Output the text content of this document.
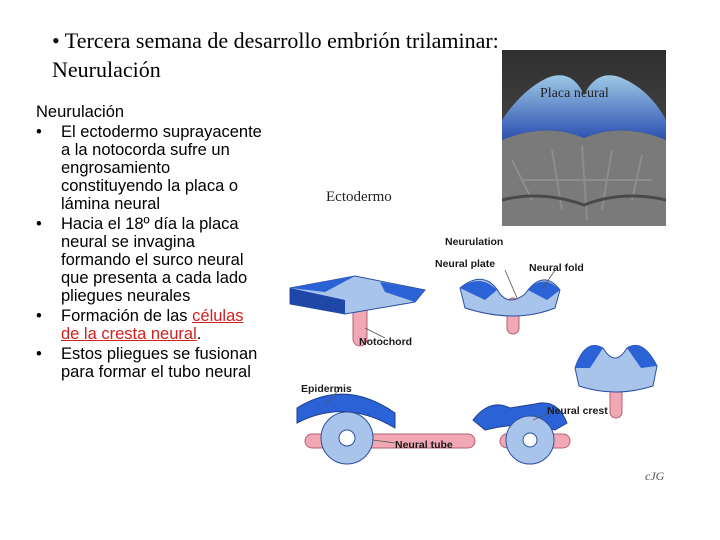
• Tercera semana de desarrollo embrión trilaminar:
Neurulación
Neurulación
• El ectodermo suprayacente a la notocorda sufre un engrosamiento constituyendo la placa o lámina neural
• Hacia el 18º día la placa neural se invagina formando el surco neural que presenta a cada lado pliegues neurales
• Formación de las células de la cresta neural.
• Estos pliegues se fusionan para formar el tubo neural
Placa neural
Ectodermo
cJG
Neurulation
Neural plate	Neural fold
Notochord
Epidermis
Neural crest
Neural tube
